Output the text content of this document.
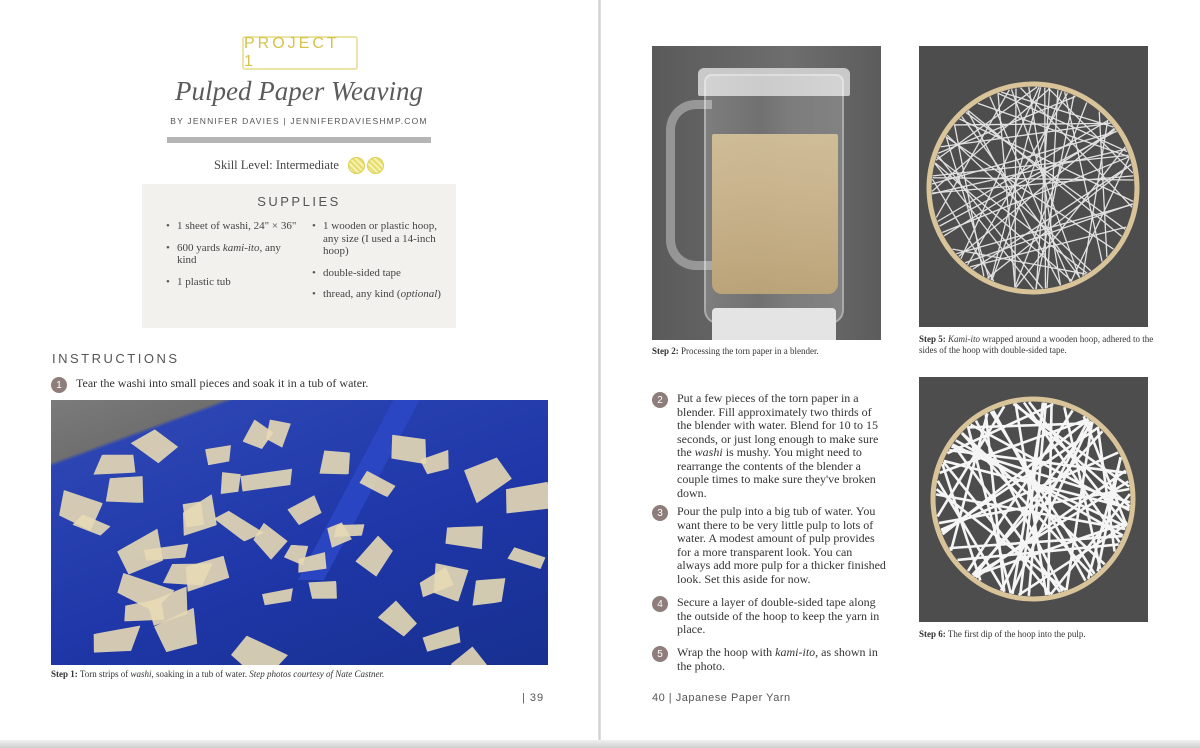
PROJECT 1
Pulped Paper Weaving
BY JENNIFER DAVIES | JENNIFERDAVIESHMP.COM
Skill Level: Intermediate
SUPPLIES
• 1 sheet of washi, 24" × 36"
• 600 yards kami-ito, any kind
• 1 plastic tub
• 1 wooden or plastic hoop, any size (I used a 14-inch hoop)
• double-sided tape
• thread, any kind (optional)
INSTRUCTIONS
1	Tear the washi into small pieces and soak it in a tub of water.
Step 1: Torn strips of washi, soaking in a tub of water. Step photos courtesy of Nate Castner.
| 39
Step 2: Processing the torn paper in a blender.
Step 5: Kami-ito wrapped around a wooden hoop, adhered to the sides of the hoop with double-sided tape.
2	Put a few pieces of the torn paper in a blender. Fill approximately two thirds of the blender with water. Blend for 10 to 15 seconds, or just long enough to make sure the washi is mushy. You might need to rearrange the contents of the blender a couple times to make sure they've broken down.
3	Pour the pulp into a big tub of water. You want there to be very little pulp to lots of water. A modest amount of pulp provides for a more transparent look. You can always add more pulp for a thicker finished look. Set this aside for now.
4	Secure a layer of double-sided tape along the outside of the hoop to keep the yarn in place.
5	Wrap the hoop with kami-ito, as shown in the photo.
Step 6: The first dip of the hoop into the pulp.
40 | Japanese Paper Yarn
